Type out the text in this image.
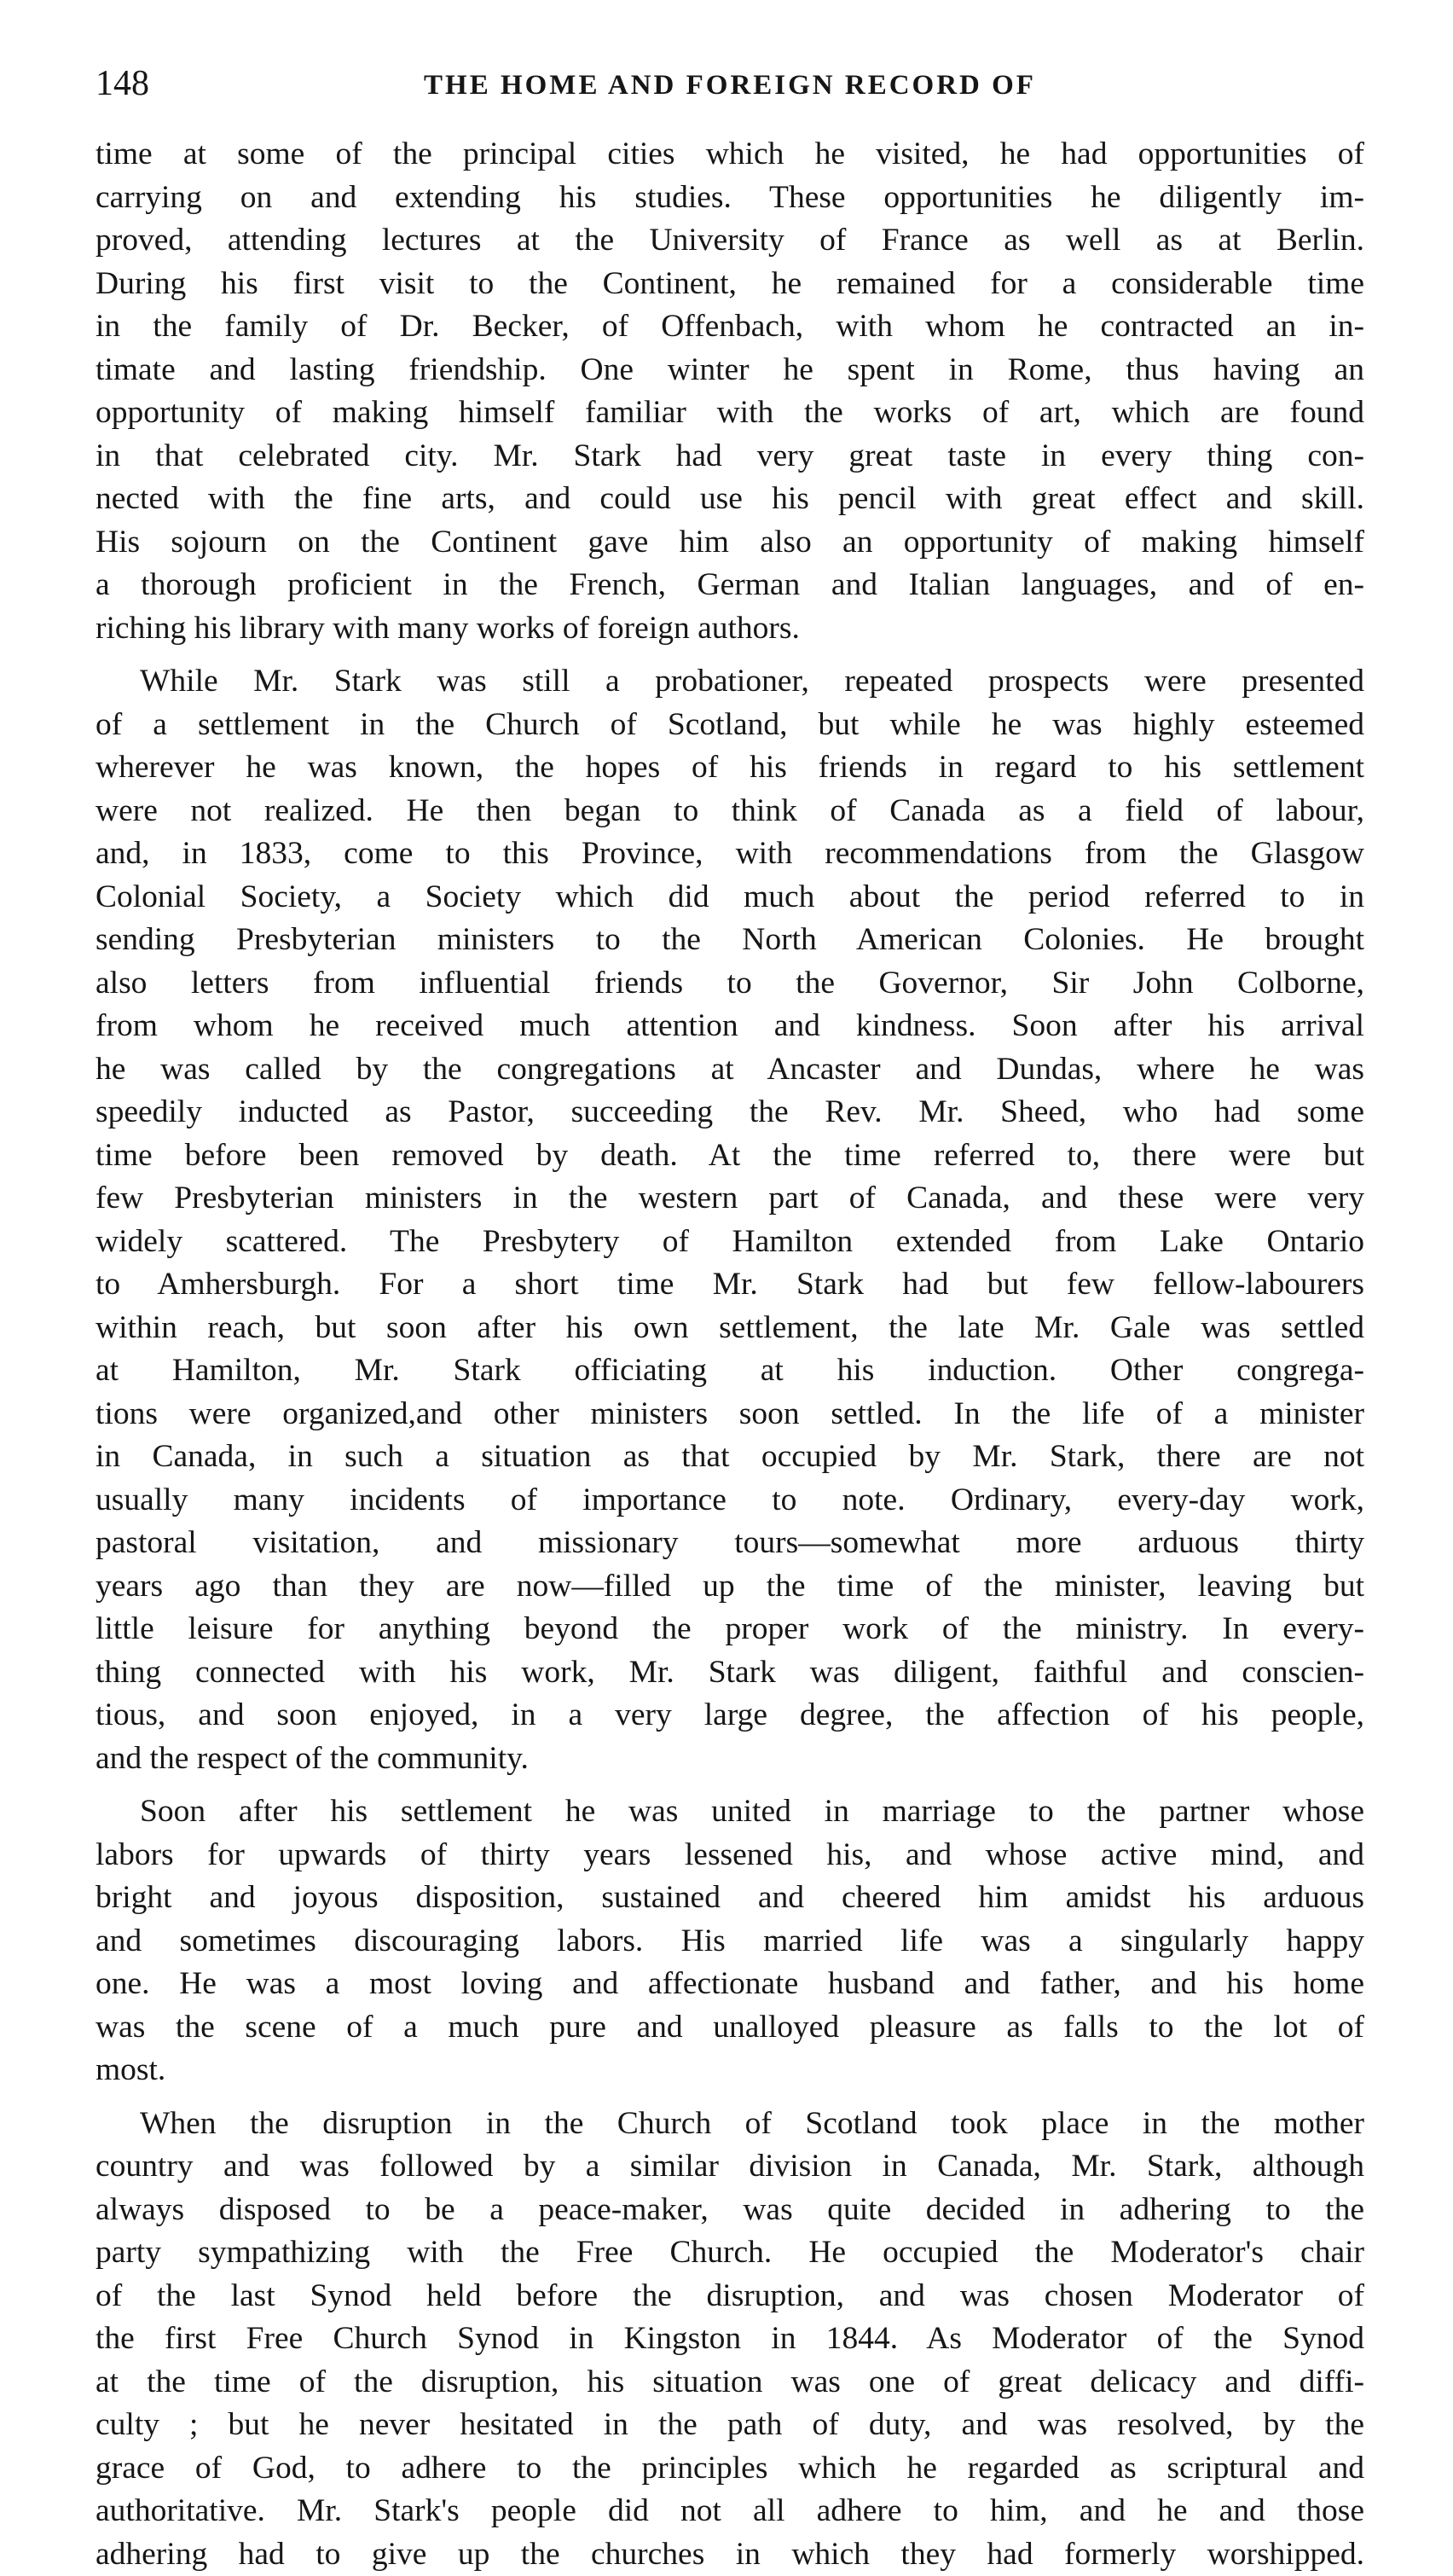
148	THE HOME AND FOREIGN RECORD OF

time at some of the principal cities which he visited, he had opportunities of
carrying on and extending his studies. These opportunities he diligently im-
proved, attending lectures at the University of France as well as at Berlin.
During his first visit to the Continent, he remained for a considerable time
in the family of Dr. Becker, of Offenbach, with whom he contracted an in-
timate and lasting friendship. One winter he spent in Rome, thus having an
opportunity of making himself familiar with the works of art, which are found
in that celebrated city. Mr. Stark had very great taste in every thing con-
nected with the fine arts, and could use his pencil with great effect and skill.
His sojourn on the Continent gave him also an opportunity of making himself
a thorough proficient in the French, German and Italian languages, and of en-
riching his library with many works of foreign authors.

While Mr. Stark was still a probationer, repeated prospects were presented
of a settlement in the Church of Scotland, but while he was highly esteemed
wherever he was known, the hopes of his friends in regard to his settlement
were not realized. He then began to think of Canada as a field of labour,
and, in 1833, come to this Province, with recommendations from the Glasgow
Colonial Society, a Society which did much about the period referred to in
sending Presbyterian ministers to the North American Colonies. He brought
also letters from influential friends to the Governor, Sir John Colborne,
from whom he received much attention and kindness. Soon after his arrival
he was called by the congregations at Ancaster and Dundas, where he was
speedily inducted as Pastor, succeeding the Rev. Mr. Sheed, who had some
time before been removed by death. At the time referred to, there were but
few Presbyterian ministers in the western part of Canada, and these were very
widely scattered. The Presbytery of Hamilton extended from Lake Ontario
to Amhersburgh. For a short time Mr. Stark had but few fellow-labourers
within reach, but soon after his own settlement, the late Mr. Gale was settled
at Hamilton, Mr. Stark officiating at his induction. Other congrega-
tions were organized,and other ministers soon settled. In the life of a minister
in Canada, in such a situation as that occupied by Mr. Stark, there are not
usually many incidents of importance to note. Ordinary, every-day work,
pastoral visitation, and missionary tours—somewhat more arduous thirty
years ago than they are now—filled up the time of the minister, leaving but
little leisure for anything beyond the proper work of the ministry. In every-
thing connected with his work, Mr. Stark was diligent, faithful and conscien-
tious, and soon enjoyed, in a very large degree, the affection of his people,
and the respect of the community.

Soon after his settlement he was united in marriage to the partner whose
labors for upwards of thirty years lessened his, and whose active mind, and
bright and joyous disposition, sustained and cheered him amidst his arduous
and sometimes discouraging labors. His married life was a singularly happy
one. He was a most loving and affectionate husband and father, and his home
was the scene of a much pure and unalloyed pleasure as falls to the lot of
most.

When the disruption in the Church of Scotland took place in the mother
country and was followed by a similar division in Canada, Mr. Stark, although
always disposed to be a peace-maker, was quite decided in adhering to the
party sympathizing with the Free Church. He occupied the Moderator's chair
of the last Synod held before the disruption, and was chosen Moderator of
the first Free Church Synod in Kingston in 1844. As Moderator of the Synod
at the time of the disruption, his situation was one of great delicacy and diffi-
culty ; but he never hesitated in the path of duty, and was resolved, by the
grace of God, to adhere to the principles which he regarded as scriptural and
authoritative. Mr. Stark's people did not all adhere to him, and he and those
adhering had to give up the churches in which they had formerly worshipped.
